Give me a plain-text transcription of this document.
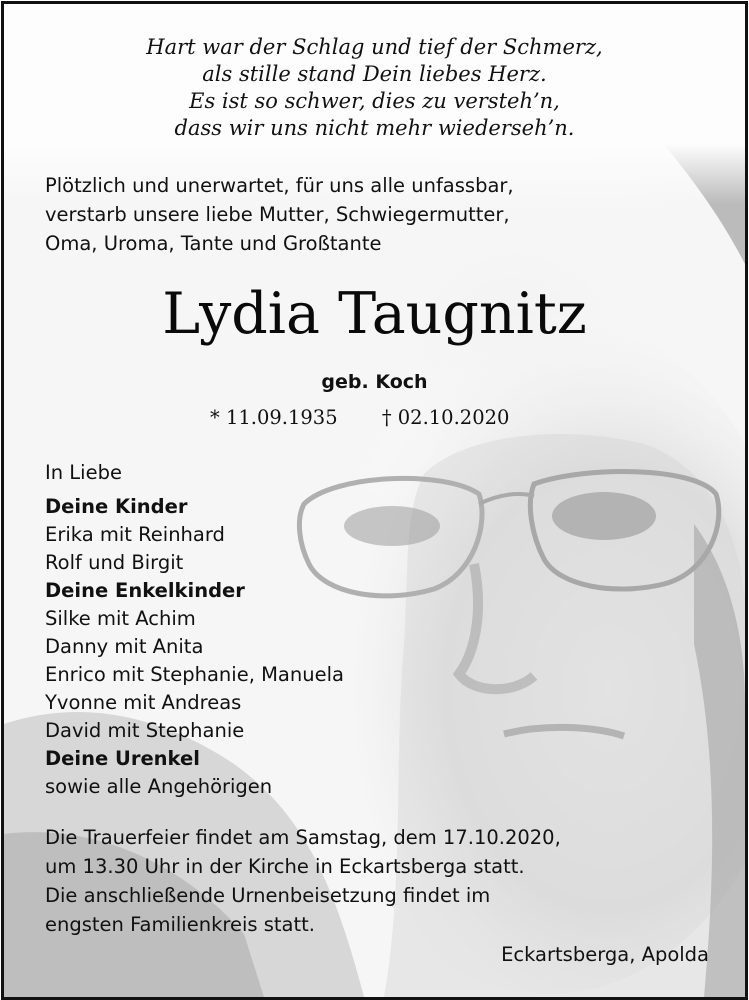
Hart war der Schlag und tief der Schmerz,
als stille stand Dein liebes Herz.
Es ist so schwer, dies zu versteh’n,
dass wir uns nicht mehr wiederseh’n.
Plötzlich und unerwartet, für uns alle unfassbar,
verstarb unsere liebe Mutter, Schwiegermutter,
Oma, Uroma, Tante und Großtante
Lydia Taugnitz
geb. Koch
* 11.09.1935 † 02.10.2020
In Liebe
Deine Kinder
Erika mit Reinhard
Rolf und Birgit
Deine Enkelkinder
Silke mit Achim
Danny mit Anita
Enrico mit Stephanie, Manuela
Yvonne mit Andreas
David mit Stephanie
Deine Urenkel
sowie alle Angehörigen
Die Trauerfeier findet am Samstag, dem 17.10.2020,
um 13.30 Uhr in der Kirche in Eckartsberga statt.
Die anschließende Urnenbeisetzung findet im
engsten Familienkreis statt.
Eckartsberga, Apolda
